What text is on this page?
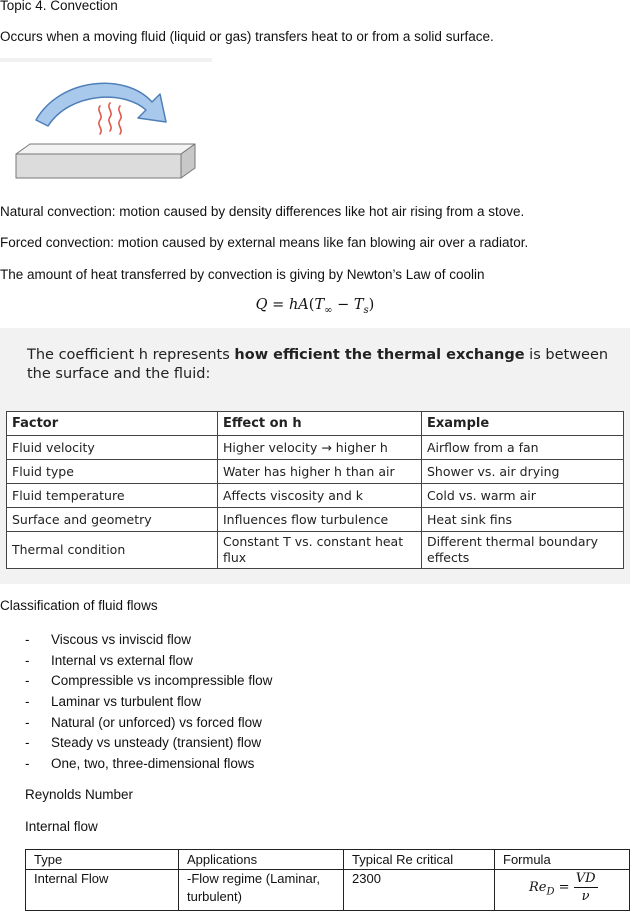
Topic 4. Convection
Occurs when a moving fluid (liquid or gas) transfers heat to or from a solid surface.
Natural convection: motion caused by density differences like hot air rising from a stove.
Forced convection: motion caused by external means like fan blowing air over a radiator.
The amount of heat transferred by convection is giving by Newton’s Law of coolin
$Q = hA(T_\infty - T_s)$
The coefficient h represents how efficient the thermal exchange is between the surface and the fluid:
Factor	Effect on h	Example
Fluid velocity	Higher velocity → higher h	Airflow from a fan
Fluid type	Water has higher h than air	Shower vs. air drying
Fluid temperature	Affects viscosity and k	Cold vs. warm air
Surface and geometry	Influences flow turbulence	Heat sink fins
Thermal condition	Constant T vs. constant heat flux	Different thermal boundary effects
Classification of fluid flows
- Viscous vs inviscid flow
- Internal vs external flow
- Compressible vs incompressible flow
- Laminar vs turbulent flow
- Natural (or unforced) vs forced flow
- Steady vs unsteady (transient) flow
- One, two, three-dimensional flows
Reynolds Number
Internal flow
Type	Applications	Typical Re critical	Formula
Internal Flow	-Flow regime (Laminar, turbulent)	2300	$Re_D = \frac{VD}{\nu}$
